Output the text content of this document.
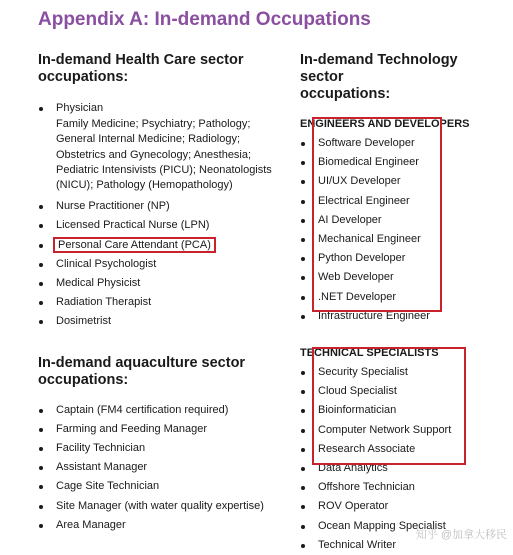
Appendix A: In-demand Occupations
In-demand Health Care sector
occupations:
Physician
Family Medicine; Psychiatry; Pathology; General Internal Medicine; Radiology; Obstetrics and Gynecology; Anesthesia; Pediatric Intensivists (PICU); Neonatologists (NICU); Pathology (Hemopathology)
Nurse Practitioner (NP)
Licensed Practical Nurse (LPN)
Personal Care Attendant (PCA)
Clinical Psychologist
Medical Physicist
Radiation Therapist
Dosimetrist
In-demand aquaculture sector
occupations:
Captain (FM4 certification required)
Farming and Feeding Manager
Facility Technician
Assistant Manager
Cage Site Technician
Site Manager (with water quality expertise)
Area Manager
In-demand Technology sector
occupations:
ENGINEERS AND DEVELOPERS
Software Developer
Biomedical Engineer
UI/UX Developer
Electrical Engineer
AI Developer
Mechanical Engineer
Python Developer
Web Developer
.NET Developer
Infrastructure Engineer
TECHNICAL SPECIALISTS
Security Specialist
Cloud Specialist
Bioinformatician
Computer Network Support
Research Associate
Data Analytics
Offshore Technician
ROV Operator
Ocean Mapping Specialist
Technical Writer
知乎 @加拿大移民
